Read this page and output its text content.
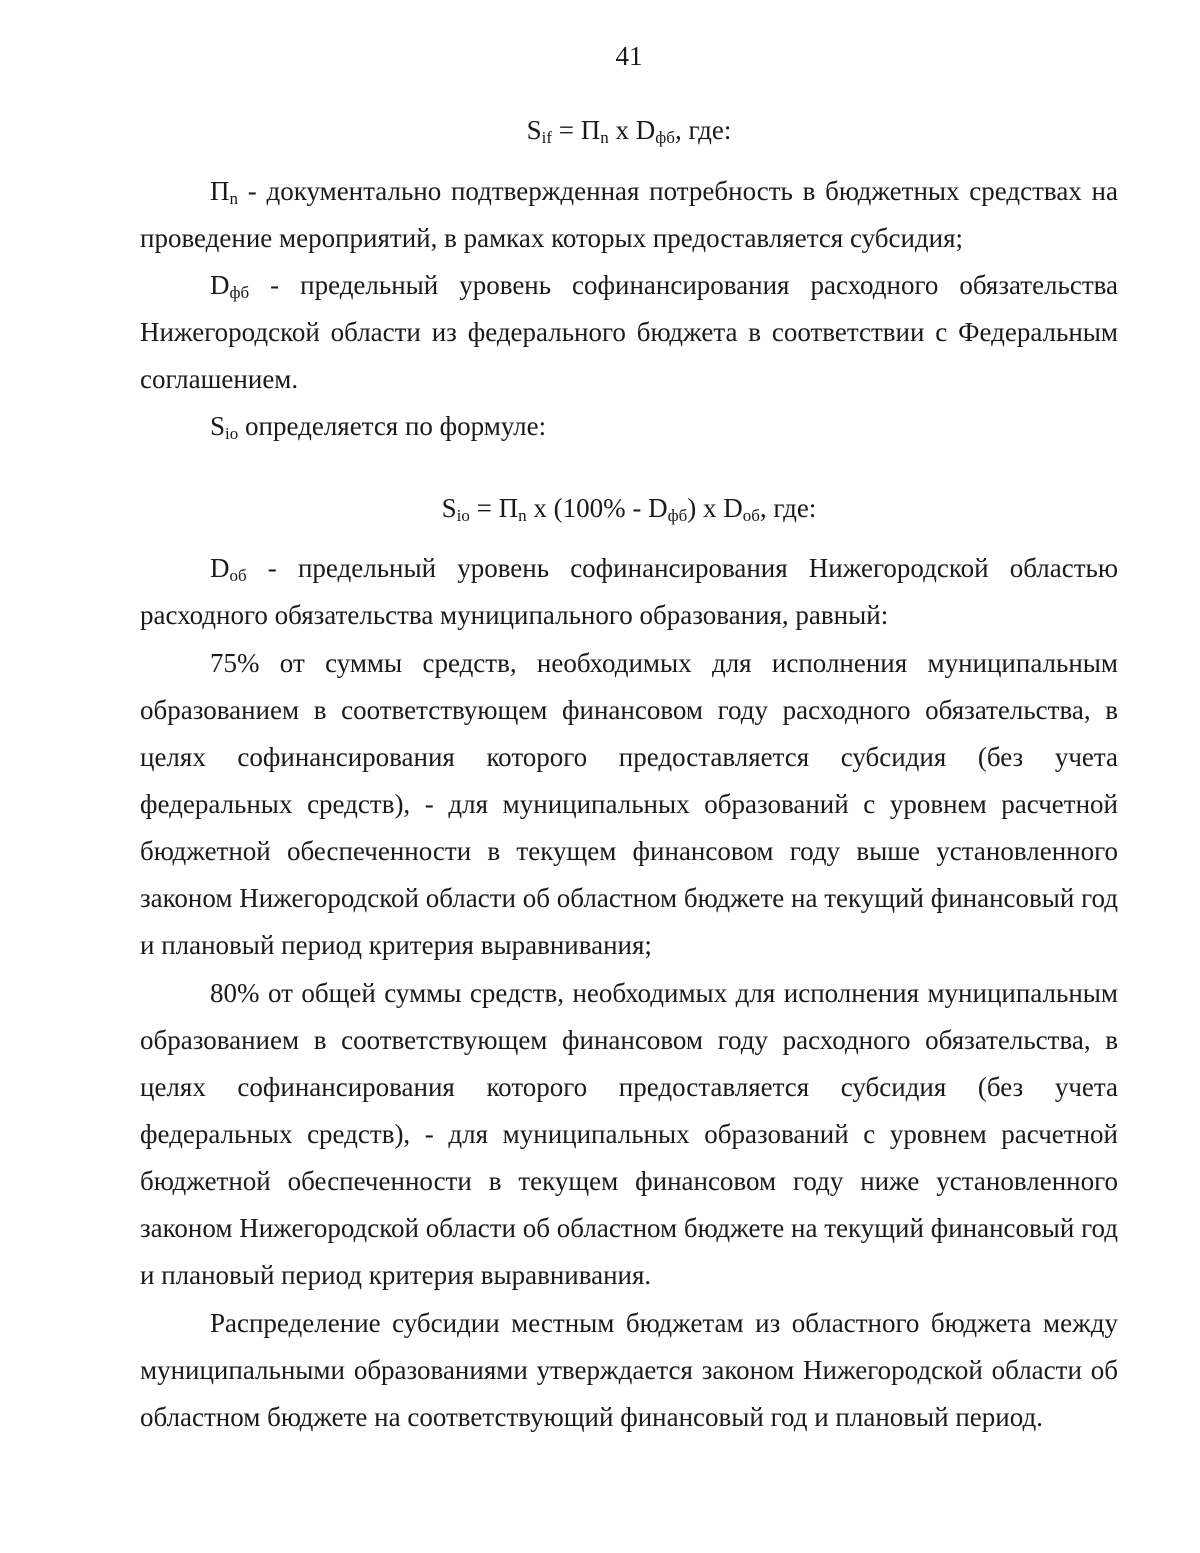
41
$S_{if} = П_n$ x $D_{фб}$, где:

$П_n$ - документально подтвержденная потребность в бюджетных средствах на проведение мероприятий, в рамках которых предоставляется субсидия;

$D_{фб}$ - предельный уровень софинансирования расходного обязательства Нижегородской области из федерального бюджета в соответствии с Федеральным соглашением.

$S_{io}$ определяется по формуле:

$S_{io} = П_n$ x $(100\% - D_{фб})$ x $D_{об}$, где:

$D_{об}$ - предельный уровень софинансирования Нижегородской областью расходного обязательства муниципального образования, равный:

75% от суммы средств, необходимых для исполнения муниципальным образованием в соответствующем финансовом году расходного обязательства, в целях софинансирования которого предоставляется субсидия (без учета федеральных средств), - для муниципальных образований с уровнем расчетной бюджетной обеспеченности в текущем финансовом году выше установленного законом Нижегородской области об областном бюджете на текущий финансовый год и плановый период критерия выравнивания;

80% от общей суммы средств, необходимых для исполнения муниципальным образованием в соответствующем финансовом году расходного обязательства, в целях софинансирования которого предоставляется субсидия (без учета федеральных средств), - для муниципальных образований с уровнем расчетной бюджетной обеспеченности в текущем финансовом году ниже установленного законом Нижегородской области об областном бюджете на текущий финансовый год и плановый период критерия выравнивания.

Распределение субсидии местным бюджетам из областного бюджета между муниципальными образованиями утверждается законом Нижегородской области об областном бюджете на соответствующий финансовый год и плановый период.
